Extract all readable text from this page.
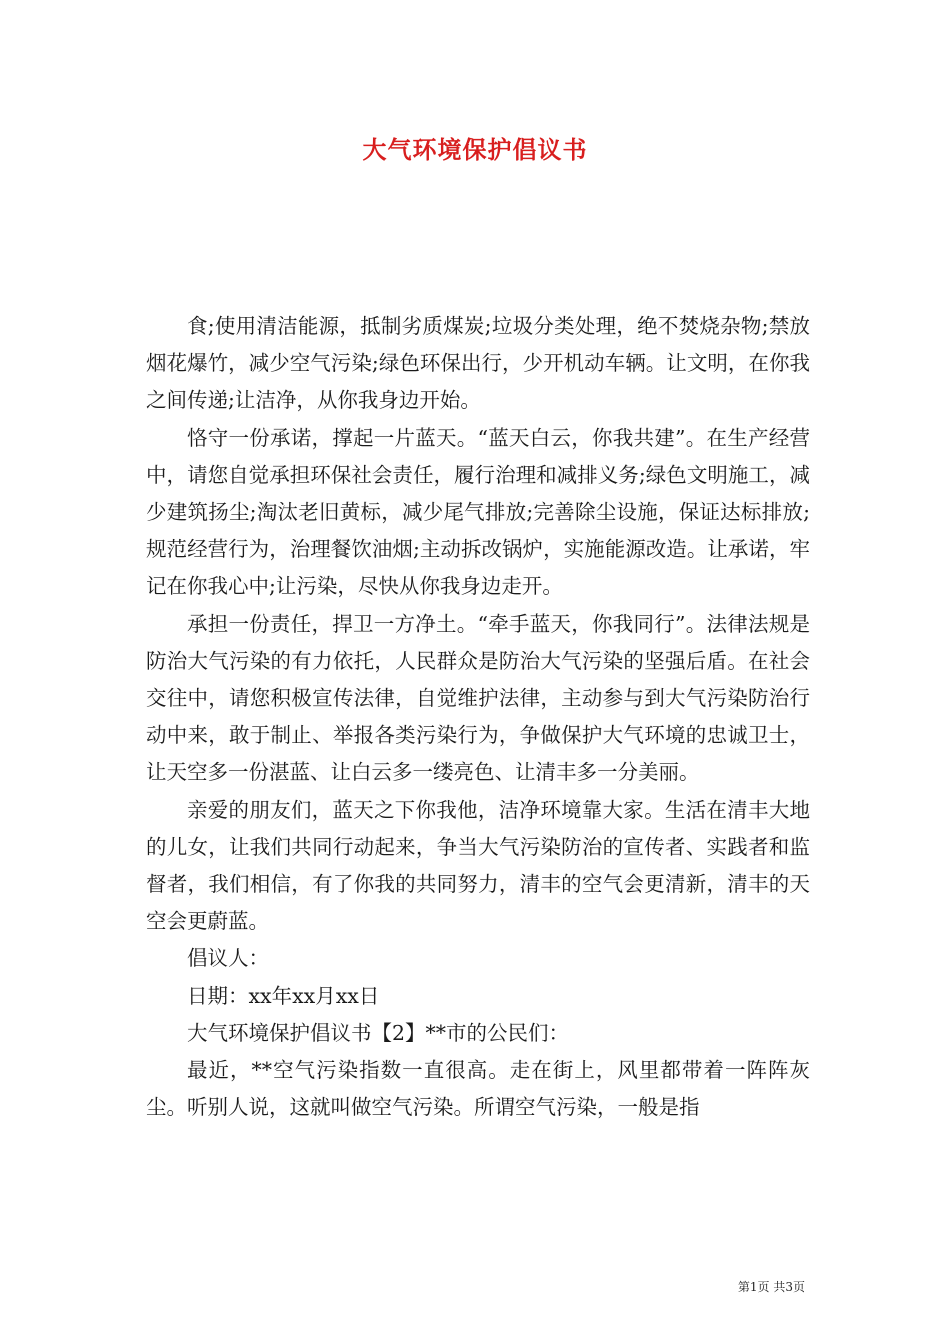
大气环境保护倡议书

食;使用清洁能源，抵制劣质煤炭;垃圾分类处理，绝不焚烧杂物;禁放烟花爆竹，减少空气污染;绿色环保出行，少开机动车辆。让文明，在你我之间传递;让洁净，从你我身边开始。

恪守一份承诺，撑起一片蓝天。“蓝天白云，你我共建”。在生产经营中，请您自觉承担环保社会责任，履行治理和减排义务;绿色文明施工，减少建筑扬尘;淘汰老旧黄标，减少尾气排放;完善除尘设施，保证达标排放;规范经营行为，治理餐饮油烟;主动拆改锅炉，实施能源改造。让承诺，牢记在你我心中;让污染，尽快从你我身边走开。

承担一份责任，捍卫一方净土。“牵手蓝天，你我同行”。法律法规是防治大气污染的有力依托，人民群众是防治大气污染的坚强后盾。在社会交往中，请您积极宣传法律，自觉维护法律，主动参与到大气污染防治行动中来，敢于制止、举报各类污染行为，争做保护大气环境的忠诚卫士，让天空多一份湛蓝、让白云多一缕亮色、让清丰多一分美丽。

亲爱的朋友们，蓝天之下你我他，洁净环境靠大家。生活在清丰大地的儿女，让我们共同行动起来，争当大气污染防治的宣传者、实践者和监督者，我们相信，有了你我的共同努力，清丰的空气会更清新，清丰的天空会更蔚蓝。

倡议人：

日期：xx年xx月xx日

大气环境保护倡议书【2】**市的公民们：

最近，**空气污染指数一直很高。走在街上，风里都带着一阵阵灰尘。听别人说，这就叫做空气污染。所谓空气污染，一般是指

第1页 共3页
